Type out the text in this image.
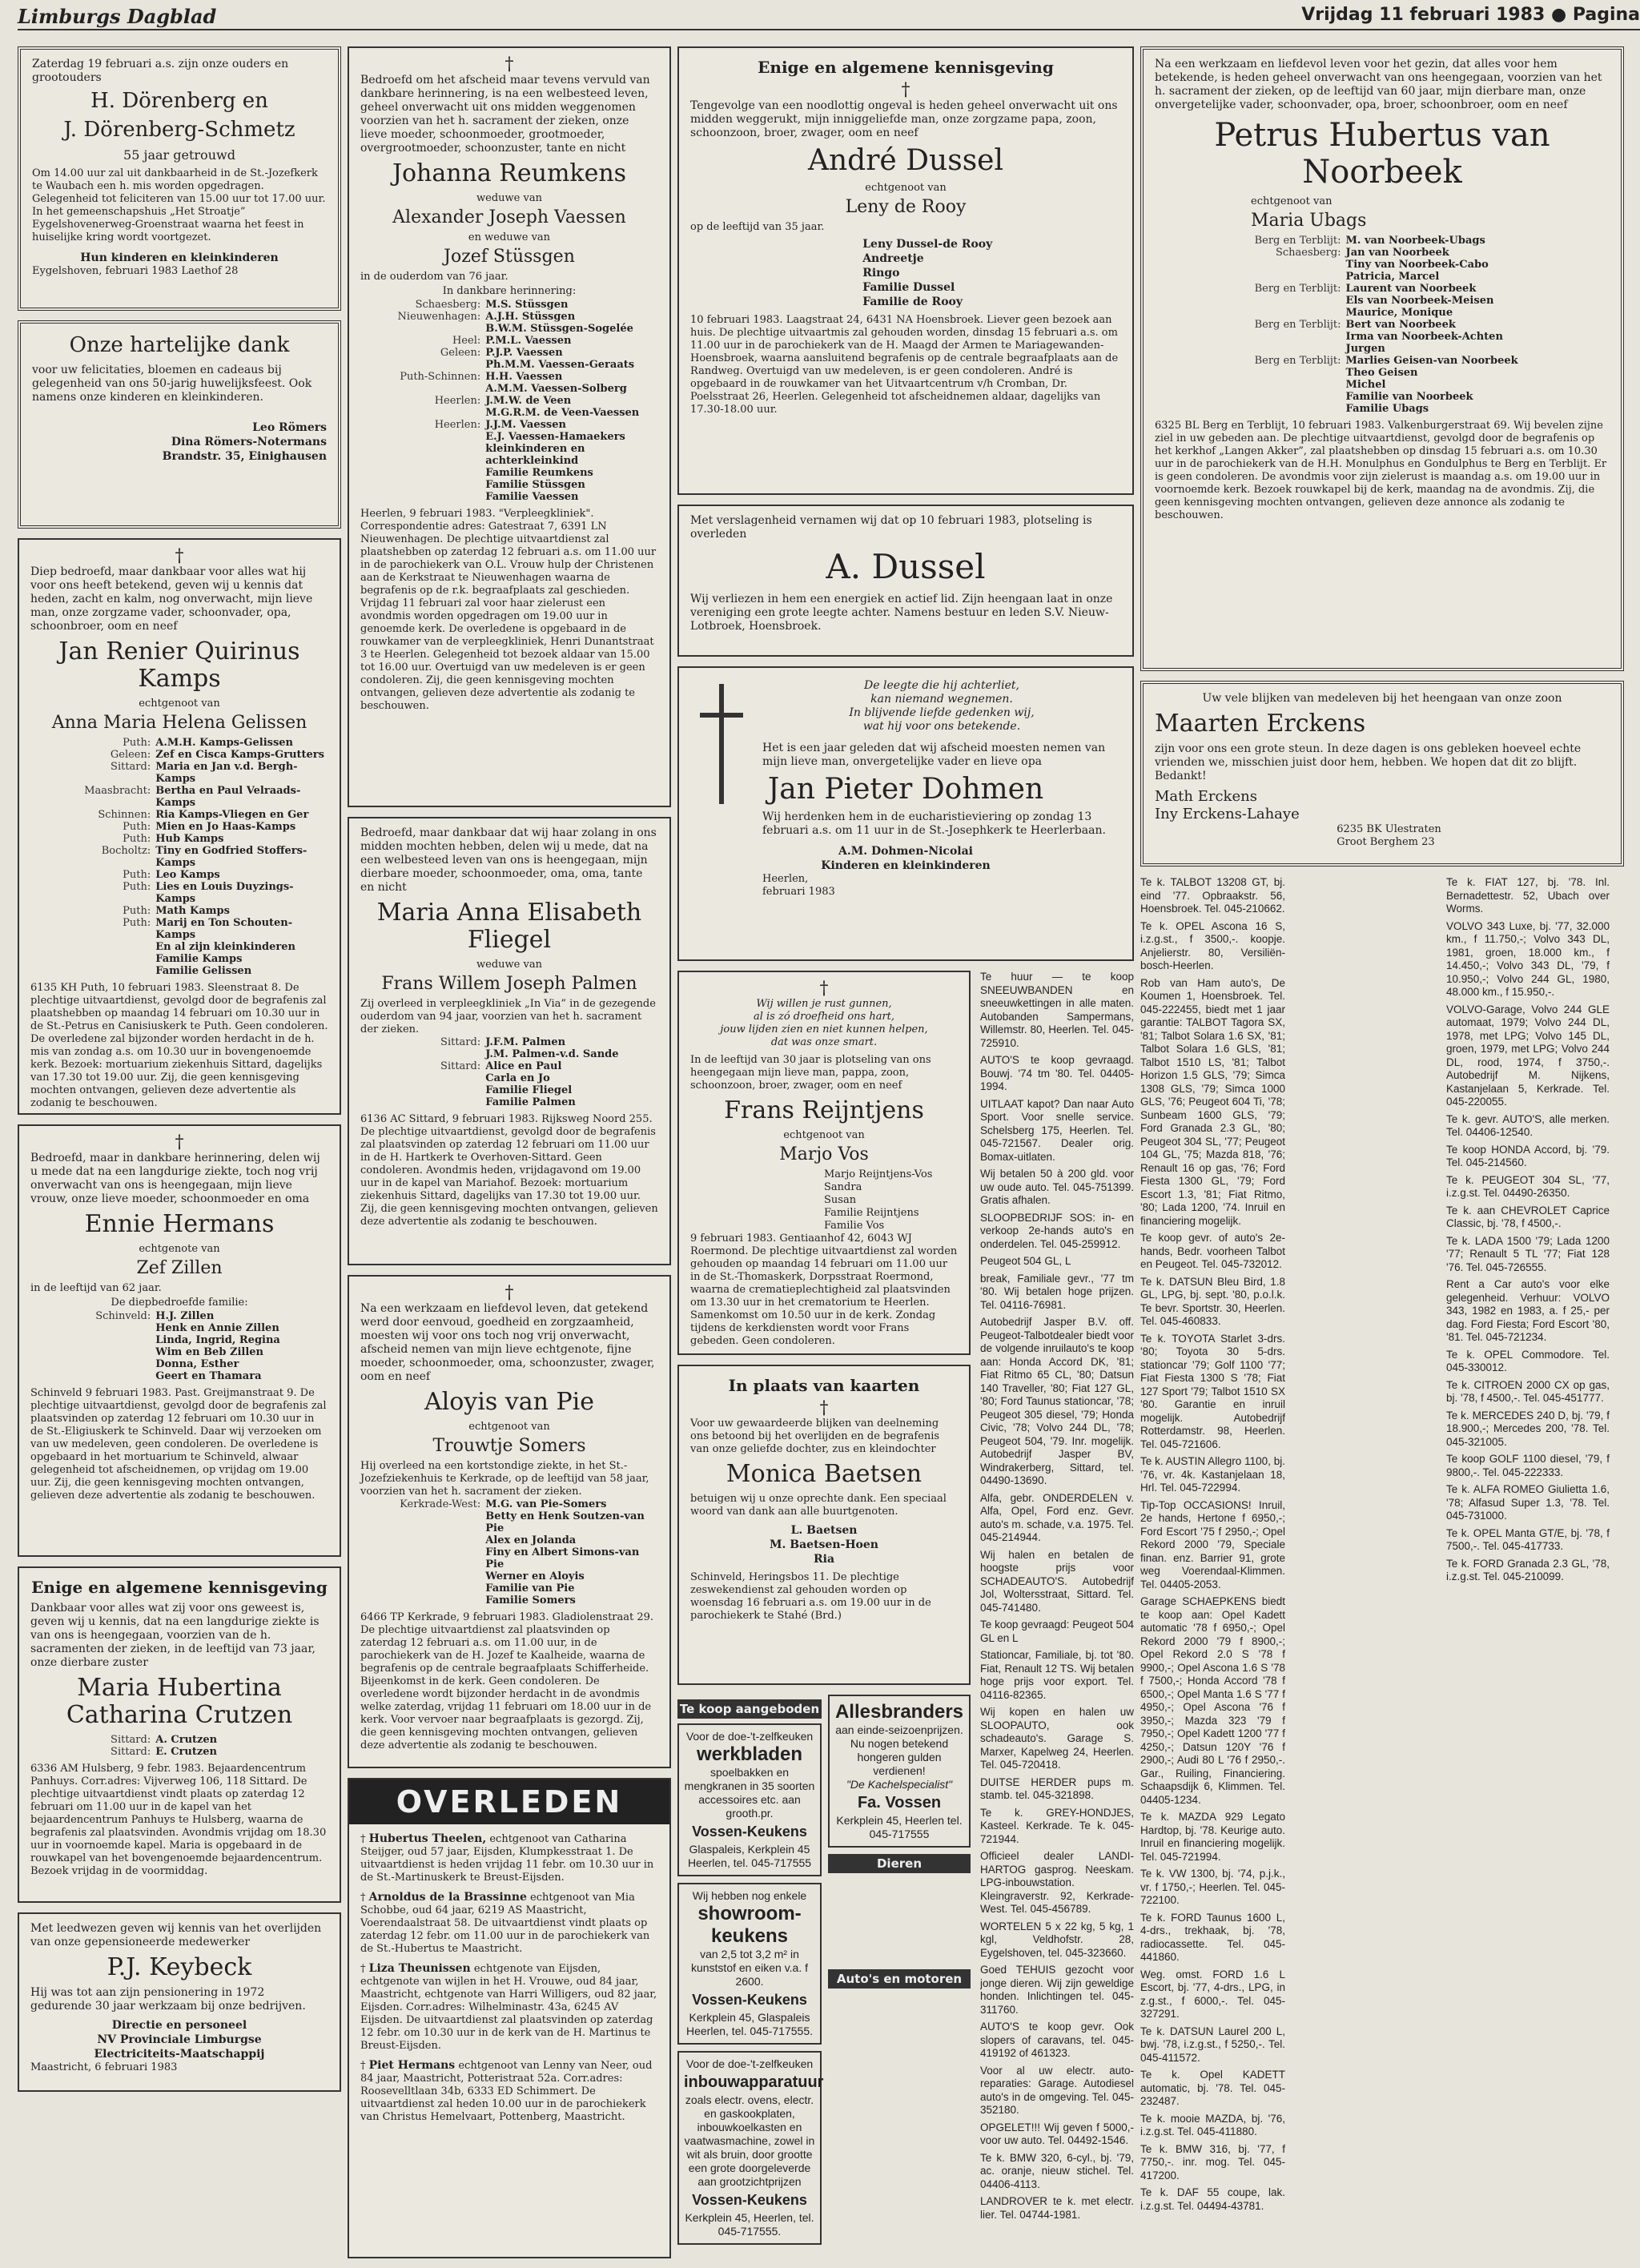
Limburgs Dagblad	Vrijdag 11 februari 1983 ● Pagina
Zaterdag 19 februari a.s. zijn onze ouders en grootouders
H. Dörenberg en
J. Dörenberg-Schmetz
55 jaar getrouwd
Om 14.00 uur zal uit dankbaarheid in de St.-Jozefkerk te Waubach een h. mis worden opgedragen. Gelegenheid tot feliciteren van 15.00 uur tot 17.00 uur. In het gemeenschapshuis „Het Stroatje” Eygelshovenerweg-Groenstraat waarna het feest in huiselijke kring wordt voortgezet.
Hun kinderen en kleinkinderen
Eygelshoven, februari 1983 Laethof 28
Onze hartelijke dank
voor uw felicitaties, bloemen en cadeaus bij gelegenheid van ons 50-jarig huwelijksfeest. Ook namens onze kinderen en kleinkinderen.
Leo Römers
Dina Römers-Notermans
Brandstr. 35, Einighausen
†
Diep bedroefd, maar dankbaar voor alles wat hij voor ons heeft betekend, geven wij u kennis dat heden, zacht en kalm, nog onverwacht, mijn lieve man, onze zorgzame vader, schoonvader, opa, schoonbroer, oom en neef
Jan Renier Quirinus Kamps
echtgenoot van
Anna Maria Helena Gelissen
Puth: A.M.H. Kamps-Gelissen
Geleen: Zef en Cisca Kamps-Grutters
Sittard: Maria en Jan v.d. Bergh-Kamps
Maasbracht: Bertha en Paul Velraads-Kamps
Schinnen: Ria Kamps-Vliegen en Ger
Puth: Mien en Jo Haas-Kamps
Puth: Hub Kamps
Bocholtz: Tiny en Godfried Stoffers-Kamps
Puth: Leo Kamps
Puth: Lies en Louis Duyzings-Kamps
Puth: Math Kamps
Puth: Marij en Ton Schouten-Kamps
En al zijn kleinkinderen
Familie Kamps
Familie Gelissen
6135 KH Puth, 10 februari 1983. Sleenstraat 8. De plechtige uitvaartdienst, gevolgd door de begrafenis zal plaatshebben op maandag 14 februari om 10.30 uur in de St.-Petrus en Canisiuskerk te Puth. Geen condoleren. De overledene zal bijzonder worden herdacht in de h. mis van zondag a.s. om 10.30 uur in bovengenoemde kerk. Bezoek: mortuarium ziekenhuis Sittard, dagelijks van 17.30 tot 19.00 uur. Zij, die geen kennisgeving mochten ontvangen, gelieven deze advertentie als zodanig te beschouwen.
†
Bedroefd, maar in dankbare herinnering, delen wij u mede dat na een langdurige ziekte, toch nog vrij onverwacht van ons is heengegaan, mijn lieve vrouw, onze lieve moeder, schoonmoeder en oma
Ennie Hermans
echtgenote van
Zef Zillen
in de leeftijd van 62 jaar.
De diepbedroefde familie:
Schinveld: H.J. Zillen
Henk en Annie Zillen
Linda, Ingrid, Regina
Wim en Beb Zillen
Donna, Esther
Geert en Thamara
Schinveld 9 februari 1983. Past. Greijmanstraat 9. De plechtige uitvaartdienst, gevolgd door de begrafenis zal plaatsvinden op zaterdag 12 februari om 10.30 uur in de St.-Eligiuskerk te Schinveld. Daar wij verzoeken om van uw medeleven, geen condoleren. De overledene is opgebaard in het mortuarium te Schinveld, alwaar gelegenheid tot afscheidnemen, op vrijdag om 19.00 uur. Zij, die geen kennisgeving mochten ontvangen, gelieven deze advertentie als zodanig te beschouwen.
Enige en algemene kennisgeving
Dankbaar voor alles wat zij voor ons geweest is, geven wij u kennis, dat na een langdurige ziekte is van ons is heengegaan, voorzien van de h. sacramenten der zieken, in de leeftijd van 73 jaar, onze dierbare zuster
Maria Hubertina Catharina Crutzen
Sittard: A. Crutzen
Sittard: E. Crutzen
6336 AM Hulsberg, 9 febr. 1983. Bejaardencentrum Panhuys. Corr.adres: Vijverweg 106, 118 Sittard. De plechtige uitvaartdienst vindt plaats op zaterdag 12 februari om 11.00 uur in de kapel van het bejaardencentrum Panhuys te Hulsberg, waarna de begrafenis zal plaatsvinden. Avondmis vrijdag om 18.30 uur in voornoemde kapel. Maria is opgebaard in de rouwkapel van het bovengenoemde bejaardencentrum. Bezoek vrijdag in de voormiddag.
Met leedwezen geven wij kennis van het overlijden van onze gepensioneerde medewerker
P.J. Keybeck
Hij was tot aan zijn pensionering in 1972 gedurende 30 jaar werkzaam bij onze bedrijven.
Directie en personeel
NV Provinciale Limburgse
Electriciteits-Maatschappij
Maastricht, 6 februari 1983
†
Bedroefd om het afscheid maar tevens vervuld van dankbare herinnering, is na een welbesteed leven, geheel onverwacht uit ons midden weggenomen voorzien van het h. sacrament der zieken, onze lieve moeder, schoonmoeder, grootmoeder, overgrootmoeder, schoonzuster, tante en nicht
Johanna Reumkens
weduwe van
Alexander Joseph Vaessen
en weduwe van
Jozef Stüssgen
in de ouderdom van 76 jaar.
In dankbare herinnering:
Schaesberg: M.S. Stüssgen
Nieuwenhagen: A.J.H. Stüssgen
B.W.M. Stüssgen-Sogelée
Heel: P.M.L. Vaessen
Geleen: P.J.P. Vaessen
Ph.M.M. Vaessen-Geraats
Puth-Schinnen: H.H. Vaessen
A.M.M. Vaessen-Solberg
Heerlen: J.M.W. de Veen
M.G.R.M. de Veen-Vaessen
Heerlen: J.J.M. Vaessen
E.J. Vaessen-Hamaekers
kleinkinderen en achterkleinkind
Familie Reumkens
Familie Stüssgen
Familie Vaessen
Heerlen, 9 februari 1983. "Verpleegkliniek". Correspondentie adres: Gatestraat 7, 6391 LN Nieuwenhagen. De plechtige uitvaartdienst zal plaatshebben op zaterdag 12 februari a.s. om 11.00 uur in de parochiekerk van O.L. Vrouw hulp der Christenen aan de Kerkstraat te Nieuwenhagen waarna de begrafenis op de r.k. begraafplaats zal geschieden. Vrijdag 11 februari zal voor haar zielerust een avondmis worden opgedragen om 19.00 uur in genoemde kerk. De overledene is opgebaard in de rouwkamer van de verpleegkliniek, Henri Dunantstraat 3 te Heerlen. Gelegenheid tot bezoek aldaar van 15.00 tot 16.00 uur. Overtuigd van uw medeleven is er geen condoleren. Zij, die geen kennisgeving mochten ontvangen, gelieven deze advertentie als zodanig te beschouwen.
Bedroefd, maar dankbaar dat wij haar zolang in ons midden mochten hebben, delen wij u mede, dat na een welbesteed leven van ons is heengegaan, mijn dierbare moeder, schoonmoeder, oma, oma, tante en nicht
Maria Anna Elisabeth Fliegel
weduwe van
Frans Willem Joseph Palmen
Zij overleed in verpleegkliniek „In Via” in de gezegende ouderdom van 94 jaar, voorzien van het h. sacrament der zieken.
Sittard: J.F.M. Palmen
J.M. Palmen-v.d. Sande
Sittard: Alice en Paul
Carla en Jo
Familie Fliegel
Familie Palmen
6136 AC Sittard, 9 februari 1983. Rijksweg Noord 255. De plechtige uitvaartdienst, gevolgd door de begrafenis zal plaatsvinden op zaterdag 12 februari om 11.00 uur in de H. Hartkerk te Overhoven-Sittard. Geen condoleren. Avondmis heden, vrijdagavond om 19.00 uur in de kapel van Mariahof. Bezoek: mortuarium ziekenhuis Sittard, dagelijks van 17.30 tot 19.00 uur. Zij, die geen kennisgeving mochten ontvangen, gelieven deze advertentie als zodanig te beschouwen.
†
Na een werkzaam en liefdevol leven, dat getekend werd door eenvoud, goedheid en zorgzaamheid, moesten wij voor ons toch nog vrij onverwacht, afscheid nemen van mijn lieve echtgenote, fijne moeder, schoonmoeder, oma, schoonzuster, zwager, oom en neef
Aloyis van Pie
echtgenoot van
Trouwtje Somers
Hij overleed na een kortstondige ziekte, in het St.-Jozefziekenhuis te Kerkrade, op de leeftijd van 58 jaar, voorzien van het h. sacrament der zieken.
Kerkrade-West: M.G. van Pie-Somers
Betty en Henk Soutzen-van Pie
Alex en Jolanda
Finy en Albert Simons-van Pie
Werner en Aloyis
Familie van Pie
Familie Somers
6466 TP Kerkrade, 9 februari 1983. Gladiolenstraat 29. De plechtige uitvaartdienst zal plaatsvinden op zaterdag 12 februari a.s. om 11.00 uur, in de parochiekerk van de H. Jozef te Kaalheide, waarna de begrafenis op de centrale begraafplaats Schifferheide. Bijeenkomst in de kerk. Geen condoleren. De overledene wordt bijzonder herdacht in de avondmis welke zaterdag, vrijdag 11 februari om 18.00 uur in de kerk. Voor vervoer naar begraafplaats is gezorgd. Zij, die geen kennisgeving mochten ontvangen, gelieven deze advertentie als zodanig te beschouwen.
OVERLEDEN
† Hubertus Theelen, echtgenoot van Catharina Steijger, oud 57 jaar, Eijsden, Klumpkesstraat 1. De uitvaartdienst is heden vrijdag 11 febr. om 10.30 uur in de St.-Martinuskerk te Breust-Eijsden.
† Arnoldus de la Brassinne echtgenoot van Mia Schobbe, oud 64 jaar, 6219 AS Maastricht, Voerendaalstraat 58. De uitvaartdienst vindt plaats op zaterdag 12 febr. om 11.00 uur in de parochiekerk van de St.-Hubertus te Maastricht.
† Liza Theunissen echtgenote van Eijsden, echtgenote van wijlen in het H. Vrouwe, oud 84 jaar, Maastricht, echtgenote van Harri Willigers, oud 82 jaar, Eijsden. Corr.adres: Wilhelminastr. 43a, 6245 AV Eijsden. De uitvaartdienst zal plaatsvinden op zaterdag 12 febr. om 10.30 uur in de kerk van de H. Martinus te Breust-Eijsden.
† Piet Hermans echtgenoot van Lenny van Neer, oud 84 jaar, Maastricht, Potteristraat 52a. Corr.adres: Roosevelltlaan 34b, 6333 ED Schimmert. De uitvaartdienst zal heden 10.00 uur in de parochiekerk van Christus Hemelvaart, Pottenberg, Maastricht.
Enige en algemene kennisgeving
†
Tengevolge van een noodlottig ongeval is heden geheel onverwacht uit ons midden weggerukt, mijn inniggeliefde man, onze zorgzame papa, zoon, schoonzoon, broer, zwager, oom en neef
André Dussel
echtgenoot van
Leny de Rooy
op de leeftijd van 35 jaar.
Leny Dussel-de Rooy
Andreetje
Ringo
Familie Dussel
Familie de Rooy
10 februari 1983. Laagstraat 24, 6431 NA Hoensbroek. Liever geen bezoek aan huis. De plechtige uitvaartmis zal gehouden worden, dinsdag 15 februari a.s. om 11.00 uur in de parochiekerk van de H. Maagd der Armen te Mariagewanden-Hoensbroek, waarna aansluitend begrafenis op de centrale begraafplaats aan de Randweg. Overtuigd van uw medeleven, is er geen condoleren. André is opgebaard in de rouwkamer van het Uitvaartcentrum v/h Cromban, Dr. Poelsstraat 26, Heerlen. Gelegenheid tot afscheidnemen aldaar, dagelijks van 17.30-18.00 uur.
Met verslagenheid vernamen wij dat op 10 februari 1983, plotseling is overleden
A. Dussel
Wij verliezen in hem een energiek en actief lid. Zijn heengaan laat in onze vereniging een grote leegte achter. Namens bestuur en leden S.V. Nieuw-Lotbroek, Hoensbroek.
De leegte die hij achterliet,
kan niemand wegnemen.
In blijvende liefde gedenken wij,
wat hij voor ons betekende.
Het is een jaar geleden dat wij afscheid moesten nemen van mijn lieve man, onvergetelijke vader en lieve opa
Jan Pieter Dohmen
Wij herdenken hem in de eucharistieviering op zondag 13 februari a.s. om 11 uur in de St.-Josephkerk te Heerlerbaan.
A.M. Dohmen-Nicolai
Kinderen en kleinkinderen
Heerlen,
februari 1983
†
Wij willen je rust gunnen,
al is zó droefheid ons hart,
jouw lijden zien en niet kunnen helpen,
dat was onze smart.
In de leeftijd van 30 jaar is plotseling van ons heengegaan mijn lieve man, pappa, zoon, schoonzoon, broer, zwager, oom en neef
Frans Reijntjens
echtgenoot van
Marjo Vos
Marjo Reijntjens-Vos
Sandra
Susan
Familie Reijntjens
Familie Vos
9 februari 1983. Gentiaanhof 42, 6043 WJ Roermond. De plechtige uitvaartdienst zal worden gehouden op maandag 14 februari om 11.00 uur in de St.-Thomaskerk, Dorpsstraat Roermond, waarna de crematieplechtigheid zal plaatsvinden om 13.30 uur in het crematorium te Heerlen. Samenkomst om 10.50 uur in de kerk. Zondag tijdens de kerkdiensten wordt voor Frans gebeden. Geen condoleren.
In plaats van kaarten
†
Voor uw gewaardeerde blijken van deelneming ons betoond bij het overlijden en de begrafenis van onze geliefde dochter, zus en kleindochter
Monica Baetsen
betuigen wij u onze oprechte dank. Een speciaal woord van dank aan alle buurtgenoten.
L. Baetsen
M. Baetsen-Hoen
Ria
Schinveld, Heringsbos 11. De plechtige zeswekendienst zal gehouden worden op woensdag 16 februari a.s. om 19.00 uur in de parochiekerk te Stahé (Brd.)
Te koop aangeboden
Voor de doe-'t-zelfkeuken
werkbladen
spoelbakken en mengkranen in 35 soorten accessoires etc. aan grooth.pr.
Vossen-Keukens
Glaspaleis, Kerkplein 45 Heerlen, tel. 045-717555
Wij hebben nog enkele
showroom-keukens
van 2,5 tot 3,2 m² in kunststof en eiken v.a. f 2600.
Vossen-Keukens
Kerkplein 45, Glaspaleis Heerlen, tel. 045-717555.
Voor de doe-'t-zelfkeuken
inbouwapparatuur
zoals electr. ovens, electr. en gaskookplaten, inbouwkoelkasten en vaatwasmachine, zowel in wit als bruin, door grootte een grote doorgeleverde aan grootzichtprijzen
Vossen-Keukens
Kerkplein 45, Heerlen, tel. 045-717555.
Allesbranders
aan einde-seizoenprijzen. Nu nogen betekend hongeren gulden verdienen!
"De Kachelspecialist"
Fa. Vossen
Kerkplein 45, Heerlen tel. 045-717555
Dieren
Auto's en motoren

Te huur — te koop SNEEUWBANDEN en sneeuwkettingen in alle maten. Autobanden Sampermans, Willemstr. 80, Heerlen. Tel. 045-725910.

AUTO'S te koop gevraagd. Bouwj. '74 tm '80. Tel. 04405-1994.

UITLAAT kapot? Dan naar Auto Sport. Voor snelle service. Schelsberg 175, Heerlen. Tel. 045-721567. Dealer orig. Bomax-uitlaten.

Wij betalen 50 à 200 gld. voor uw oude auto. Tel. 045-751399. Gratis afhalen.

SLOOPBEDRIJF SOS: in- en verkoop 2e-hands auto's en onderdelen. Tel. 045-259912.

Peugeot 504 GL, L

break, Familiale gevr., '77 tm '80. Wij betalen hoge prijzen. Tel. 04116-76981.

Autobedrijf Jasper B.V. off. Peugeot-Talbotdealer biedt voor de volgende inruilauto's te koop aan: Honda Accord DK, '81; Fiat Ritmo 65 CL, '80; Datsun 140 Traveller, '80; Fiat 127 GL, '80; Ford Taunus stationcar, '78; Peugeot 305 diesel, '79; Honda Civic, '78; Volvo 244 DL, '78; Peugeot 504, '79. Inr. mogelijk. Autobedrijf Jasper BV, Windrakerberg, Sittard, tel. 04490-13690.

Alfa, gebr. ONDERDELEN v. Alfa, Opel, Ford enz. Gevr. auto's m. schade, v.a. 1975. Tel. 045-214944.

Wij halen en betalen de hoogste prijs voor SCHADEAUTO'S. Autobedrijf Jol, Woltersstraat, Sittard. Tel. 045-741480.

Te koop gevraagd: Peugeot 504 GL en L

Stationcar, Familiale, bj. tot '80. Fiat, Renault 12 TS. Wij betalen hoge prijs voor export. Tel. 04116-82365.

Wij kopen en halen uw SLOOPAUTO, ook schadeauto's. Garage S. Marxer, Kapelweg 24, Heerlen. Tel. 045-720418.

DUITSE HERDER pups m. stamb. tel. 045-321898.

Te k. GREY-HONDJES, Kasteel. Kerkrade. Te k. 045-721944.

Officieel dealer LANDI-HARTOG gasprog. Neeskam. LPG-inbouwstation. Kleingraverstr. 92, Kerkrade-West. Tel. 045-456789.

WORTELEN 5 x 22 kg, 5 kg, 1 kgl, Veldhofstr. 28, Eygelshoven, tel. 045-323660.

Goed TEHUIS gezocht voor jonge dieren. Wij zijn geweldige honden. Inlichtingen tel. 045-311760.

AUTO'S te koop gevr. Ook slopers of caravans, tel. 045-419192 of 461323.

Voor al uw electr. auto-reparaties: Garage. Autodiesel auto's in de omgeving. Tel. 045-352180.

OPGELET!!! Wij geven f 5000,- voor uw auto. Tel. 04492-1546.

Te k. BMW 320, 6-cyl., bj. '79, ac. oranje, nieuw stichel. Tel. 04406-4113.

LANDROVER te k. met electr. lier. Tel. 04744-1981.

Na een werkzaam en liefdevol leven voor het gezin, dat alles voor hem betekende, is heden geheel onverwacht van ons heengegaan, voorzien van het h. sacrament der zieken, op de leeftijd van 60 jaar, mijn dierbare man, onze onvergetelijke vader, schoonvader, opa, broer, schoonbroer, oom en neef
Petrus Hubertus van Noorbeek
echtgenoot van
Maria Ubags
Berg en Terblijt: M. van Noorbeek-Ubags
Schaesberg: Jan van Noorbeek
Tiny van Noorbeek-Cabo
Patricia, Marcel
Berg en Terblijt: Laurent van Noorbeek
Els van Noorbeek-Meisen
Maurice, Monique
Berg en Terblijt: Bert van Noorbeek
Irma van Noorbeek-Achten
Jurgen
Berg en Terblijt: Marlies Geisen-van Noorbeek
Theo Geisen
Michel
Familie van Noorbeek
Familie Ubags
6325 BL Berg en Terblijt, 10 februari 1983. Valkenburgerstraat 69. Wij bevelen zijne ziel in uw gebeden aan. De plechtige uitvaartdienst, gevolgd door de begrafenis op het kerkhof „Langen Akker”, zal plaatshebben op dinsdag 15 februari a.s. om 10.30 uur in de parochiekerk van de H.H. Monulphus en Gondulphus te Berg en Terblijt. Er is geen condoleren. De avondmis voor zijn zielerust is maandag a.s. om 19.00 uur in voornoemde kerk. Bezoek rouwkapel bij de kerk, maandag na de avondmis. Zij, die geen kennisgeving mochten ontvangen, gelieven deze annonce als zodanig te beschouwen.
Uw vele blijken van medeleven bij het heengaan van onze zoon
Maarten Erckens
zijn voor ons een grote steun. In deze dagen is ons gebleken hoeveel echte vrienden we, misschien juist door hem, hebben. We hopen dat dit zo blijft. Bedankt!
Math Erckens
Iny Erckens-Lahaye
6235 BK Ulestraten
Groot Berghem 23

Te k. TALBOT 13208 GT, bj. eind '77. Opbraakstr. 56, Hoensbroek. Tel. 045-210662.

Te k. OPEL Ascona 16 S, i.z.g.st., f 3500,-. koopje. Anjelierstr. 80, Versiliën-bosch-Heerlen.

Rob van Ham auto's, De Koumen 1, Hoensbroek. Tel. 045-222455, biedt met 1 jaar garantie: TALBOT Tagora SX, '81; Talbot Solara 1.6 SX, '81; Talbot Solara 1.6 GLS, '81; Talbot 1510 LS, '81; Talbot Horizon 1.5 GLS, '79; Simca 1308 GLS, '79; Simca 1000 GLS, '76; Peugeot 604 Ti, '78; Sunbeam 1600 GLS, '79; Ford Granada 2.3 GL, '80; Peugeot 304 SL, '77; Peugeot 104 GL, '75; Mazda 818, '76; Renault 16 op gas, '76; Ford Fiesta 1300 GL, '79; Ford Escort 1.3, '81; Fiat Ritmo, '80; Lada 1200, '74. Inruil en financiering mogelijk.

Te koop gevr. of auto's 2e-hands, Bedr. voorheen Talbot en Peugeot. Tel. 045-732012.

Te k. DATSUN Bleu Bird, 1.8 GL, LPG, bj. sept. '80, p.o.l.k. Te bevr. Sportstr. 30, Heerlen. Tel. 045-460833.

Te k. TOYOTA Starlet 3-drs. '80; Toyota 30 5-drs. stationcar '79; Golf 1100 '77; Fiat Fiesta 1300 S '78; Fiat 127 Sport '79; Talbot 1510 SX '80. Garantie en inruil mogelijk. Autobedrijf Rotterdamstr. 98, Heerlen. Tel. 045-721606.

Te k. AUSTIN Allegro 1100, bj. '76, vr. 4k. Kastanjelaan 18, Hrl. Tel. 045-722994.

Tip-Top OCCASIONS! Inruil, 2e hands, Hertone f 6950,-; Ford Escort '75 f 2950,-; Opel Rekord 2000 '79, Speciale finan. enz. Barrier 91, grote weg Voerendaal-Klimmen. Tel. 04405-2053.

Garage SCHAEPKENS biedt te koop aan: Opel Kadett automatic '78 f 6950,-; Opel Rekord 2000 '79 f 8900,-; Opel Rekord 2.0 S '78 f 9900,-; Opel Ascona 1.6 S '78 f 7500,-; Honda Accord '78 f 6500,-; Opel Manta 1.6 S '77 f 4950,-; Opel Ascona '76 f 3950,-; Mazda 323 '79 f 7950,-; Opel Kadett 1200 '77 f 4250,-; Datsun 120Y '76 f 2900,-; Audi 80 L '76 f 2950,-. Gar., Ruiling, Financiering. Schaapsdijk 6, Klimmen. Tel. 04405-1234.

Te k. MAZDA 929 Legato Hardtop, bj. '78. Keurige auto. Inruil en financiering mogelijk. Tel. 045-721994.

Te k. VW 1300, bj. '74, p.j.k., vr. f 1750,-; Heerlen. Tel. 045-722100.

Te k. FORD Taunus 1600 L, 4-drs., trekhaak, bj. '78, radiocassette. Tel. 045-441860.

Weg. omst. FORD 1.6 L Escort, bj. '77, 4-drs., LPG, in z.g.st., f 6000,-. Tel. 045-327291.

Te k. DATSUN Laurel 200 L, bwj. '78, i.z.g.st., f 5250,-. Tel. 045-411572.

Te k. Opel KADETT automatic, bj. '78. Tel. 045-232487.

Te k. mooie MAZDA, bj. '76, i.z.g.st. Tel. 045-411880.

Te k. BMW 316, bj. '77, f 7750,-. inr. mog. Tel. 045-417200.

Te k. DAF 55 coupe, lak. i.z.g.st. Tel. 04494-43781.

Te k. FIAT 127, bj. '78. Inl. Bernadettestr. 52, Ubach over Worms.

VOLVO 343 Luxe, bj. '77, 32.000 km., f 11.750,-; Volvo 343 DL, 1981, groen, 18.000 km., f 14.450,-; Volvo 343 DL, '79, f 10.950,-; Volvo 244 GL, 1980, 48.000 km., f 15.950,-.

VOLVO-Garage, Volvo 244 GLE automaat, 1979; Volvo 244 DL, 1978, met LPG; Volvo 145 DL, groen, 1979, met LPG; Volvo 244 DL, rood, 1974, f 3750,-. Autobedrijf M. Nijkens, Kastanjelaan 5, Kerkrade. Tel. 045-220055.

Te k. gevr. AUTO'S, alle merken. Tel. 04406-12540.

Te koop HONDA Accord, bj. '79. Tel. 045-214560.

Te k. PEUGEOT 304 SL, '77, i.z.g.st. Tel. 04490-26350.

Te k. aan CHEVROLET Caprice Classic, bj. '78, f 4500,-.

Te k. LADA 1500 '79; Lada 1200 '77; Renault 5 TL '77; Fiat 128 '76. Tel. 045-726555.

Rent a Car auto's voor elke gelegenheid. Verhuur: VOLVO 343, 1982 en 1983, a. f 25,- per dag. Ford Fiesta; Ford Escort '80, '81. Tel. 045-721234.

Te k. OPEL Commodore. Tel. 045-330012.

Te k. CITROEN 2000 CX op gas, bj. '78, f 4500,-. Tel. 045-451777.

Te k. MERCEDES 240 D, bj. '79, f 18.900,-; Mercedes 200, '78. Tel. 045-321005.

Te koop GOLF 1100 diesel, '79, f 9800,-. Tel. 045-222333.

Te k. ALFA ROMEO Giulietta 1.6, '78; Alfasud Super 1.3, '78. Tel. 045-731000.

Te k. OPEL Manta GT/E, bj. '78, f 7500,-. Tel. 045-417733.

Te k. FORD Granada 2.3 GL, '78, i.z.g.st. Tel. 045-210099.
